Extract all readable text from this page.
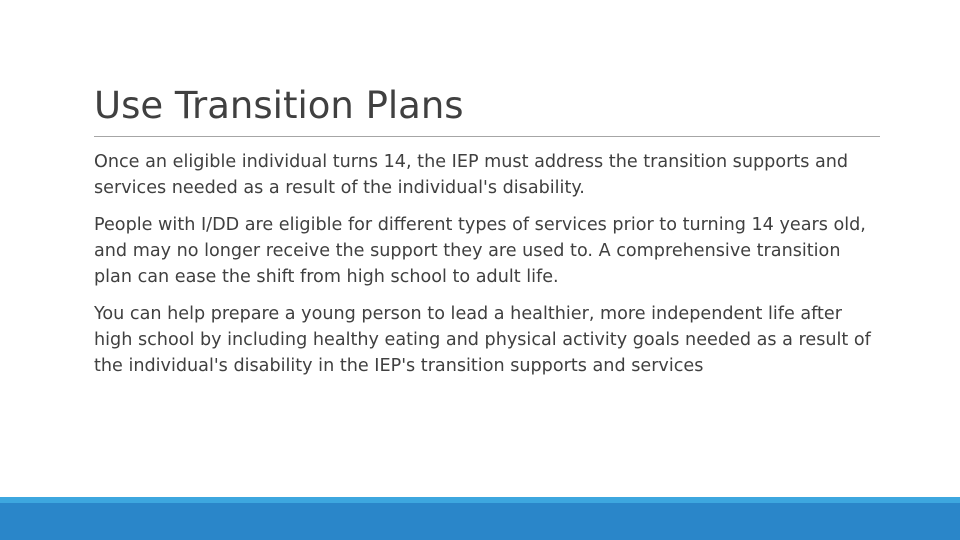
Use Transition Plans

Once an eligible individual turns 14, the IEP must address the transition supports and services needed as a result of the individual's disability.

People with I/DD are eligible for different types of services prior to turning 14 years old, and may no longer receive the support they are used to. A comprehensive transition plan can ease the shift from high school to adult life.

You can help prepare a young person to lead a healthier, more independent life after high school by including healthy eating and physical activity goals needed as a result of the individual's disability in the IEP's transition supports and services
